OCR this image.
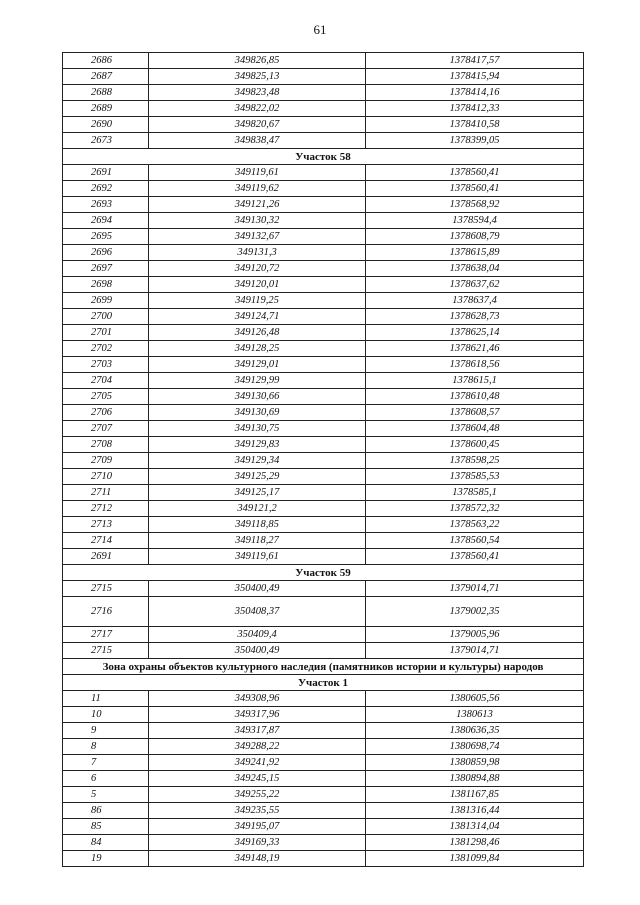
61
2686	349826,85	1378417,57
2687	349825,13	1378415,94
2688	349823,48	1378414,16
2689	349822,02	1378412,33
2690	349820,67	1378410,58
2673	349838,47	1378399,05
Участок 58		
2691	349119,61	1378560,41
2692	349119,62	1378560,41
2693	349121,26	1378568,92
2694	349130,32	1378594,4
2695	349132,67	1378608,79
2696	349131,3	1378615,89
2697	349120,72	1378638,04
2698	349120,01	1378637,62
2699	349119,25	1378637,4
2700	349124,71	1378628,73
2701	349126,48	1378625,14
2702	349128,25	1378621,46
2703	349129,01	1378618,56
2704	349129,99	1378615,1
2705	349130,66	1378610,48
2706	349130,69	1378608,57
2707	349130,75	1378604,48
2708	349129,83	1378600,45
2709	349129,34	1378598,25
2710	349125,29	1378585,53
2711	349125,17	1378585,1
2712	349121,2	1378572,32
2713	349118,85	1378563,22
2714	349118,27	1378560,54
2691	349119,61	1378560,41
Участок 59		
2715	350400,49	1379014,71
2716	350408,37	1379002,35
2717	350409,4	1379005,96
2715	350400,49	1379014,71
Зона охраны объектов культурного наследия (памятников истории и культуры) народов		
Участок 1		
11	349308,96	1380605,56
10	349317,96	1380613
9	349317,87	1380636,35
8	349288,22	1380698,74
7	349241,92	1380859,98
6	349245,15	1380894,88
5	349255,22	1381167,85
86	349235,55	1381316,44
85	349195,07	1381314,04
84	349169,33	1381298,46
19	349148,19	1381099,84
